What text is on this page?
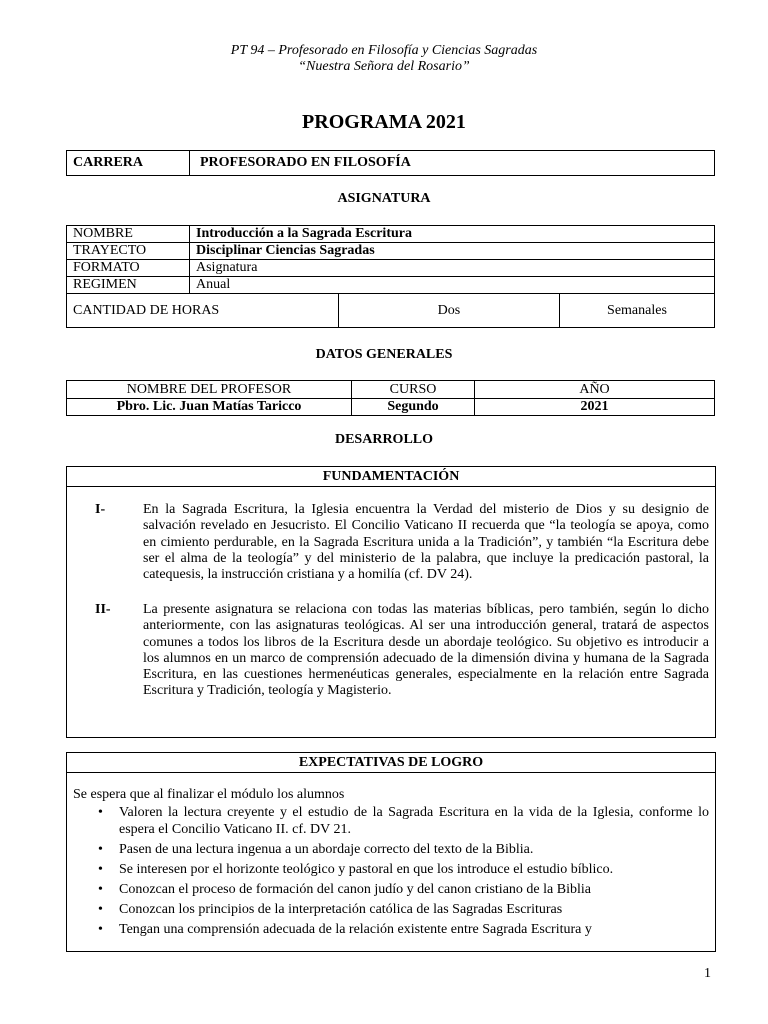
PT 94 – Profesorado en Filosofía y Ciencias Sagradas
“Nuestra Señora del Rosario”
PROGRAMA 2021
CARRERA	PROFESORADO EN FILOSOFÍA
ASIGNATURA
NOMBRE	Introducción a la Sagrada Escritura		
TRAYECTO	Disciplinar Ciencias Sagradas		
FORMATO	Asignatura		
REGIMEN	Anual		
CANTIDAD DE HORAS		Dos	Semanales
DATOS GENERALES
NOMBRE DEL PROFESOR	CURSO	AÑO
Pbro. Lic. Juan Matías Taricco	Segundo	2021
DESARROLLO
FUNDAMENTACIÓN
I-	En la Sagrada Escritura, la Iglesia encuentra la Verdad del misterio de Dios y su designio de salvación revelado en Jesucristo. El Concilio Vaticano II recuerda que “la teología se apoya, como en cimiento perdurable, en la Sagrada Escritura unida a la Tradición”, y también “la Escritura debe ser el alma de la teología” y del ministerio de la palabra, que incluye la predicación pastoral, la catequesis, la instrucción cristiana y a homilía (cf. DV 24).
II- La presente asignatura se relaciona con todas las materias bíblicas, pero también, según lo dicho anteriormente, con las asignaturas teológicas. Al ser una introducción general, tratará de aspectos comunes a todos los libros de la Escritura desde un abordaje teológico. Su objetivo es introducir a los alumnos en un marco de comprensión adecuado de la dimensión divina y humana de la Sagrada Escritura, en las cuestiones hermenéuticas generales, especialmente en la relación entre Sagrada Escritura y Tradición, teología y Magisterio.
EXPECTATIVAS DE LOGRO
Se espera que al finalizar el módulo los alumnos
• Valoren la lectura creyente y el estudio de la Sagrada Escritura en la vida de la Iglesia, conforme lo espera el Concilio Vaticano II. cf. DV 21.
• Pasen de una lectura ingenua a un abordaje correcto del texto de la Biblia.
• Se interesen por el horizonte teológico y pastoral en que los introduce el estudio bíblico.
• Conozcan el proceso de formación del canon judío y del canon cristiano de la Biblia
• Conozcan los principios de la interpretación católica de las Sagradas Escrituras
• Tengan una comprensión adecuada de la relación existente entre Sagrada Escritura y
1
